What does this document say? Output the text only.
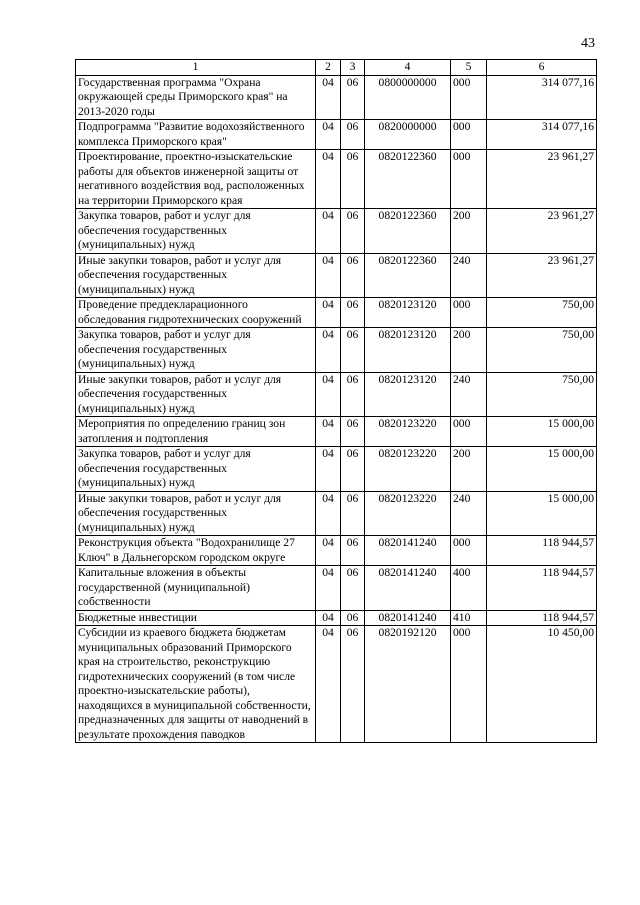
43
1	2	3	4	5	6
Государственная программа "Охрана окружающей среды Приморского края" на 2013-2020 годы	04	06	0800000000	000	314 077,16
Подпрограмма "Развитие водохозяйственного комплекса Приморского края"	04	06	0820000000	000	314 077,16
Проектирование, проектно-изыскательские работы для объектов инженерной защиты от негативного воздействия вод, расположенных на территории Приморского края	04	06	0820122360	000	23 961,27
Закупка товаров, работ и услуг для обеспечения государственных (муниципальных) нужд	04	06	0820122360	200	23 961,27
Иные закупки товаров, работ и услуг для обеспечения государственных (муниципальных) нужд	04	06	0820122360	240	23 961,27
Проведение преддекларационного обследования гидротехнических сооружений	04	06	0820123120	000	750,00
Закупка товаров, работ и услуг для обеспечения государственных (муниципальных) нужд	04	06	0820123120	200	750,00
Иные закупки товаров, работ и услуг для обеспечения государственных (муниципальных) нужд	04	06	0820123120	240	750,00
Мероприятия по определению границ зон затопления и подтопления	04	06	0820123220	000	15 000,00
Закупка товаров, работ и услуг для обеспечения государственных (муниципальных) нужд	04	06	0820123220	200	15 000,00
Иные закупки товаров, работ и услуг для обеспечения государственных (муниципальных) нужд	04	06	0820123220	240	15 000,00
Реконструкция объекта "Водохранилище 27 Ключ" в Дальнегорском городском округе	04	06	0820141240	000	118 944,57
Капитальные вложения в объекты государственной (муниципальной) собственности	04	06	0820141240	400	118 944,57
Бюджетные инвестиции	04	06	0820141240	410	118 944,57
Субсидии из краевого бюджета бюджетам муниципальных образований Приморского края на строительство, реконструкцию гидротехнических сооружений (в том числе проектно-изыскательские работы), находящихся в муниципальной собственности, предназначенных для защиты от наводнений в результате прохождения паводков	04	06	0820192120	000	10 450,00
